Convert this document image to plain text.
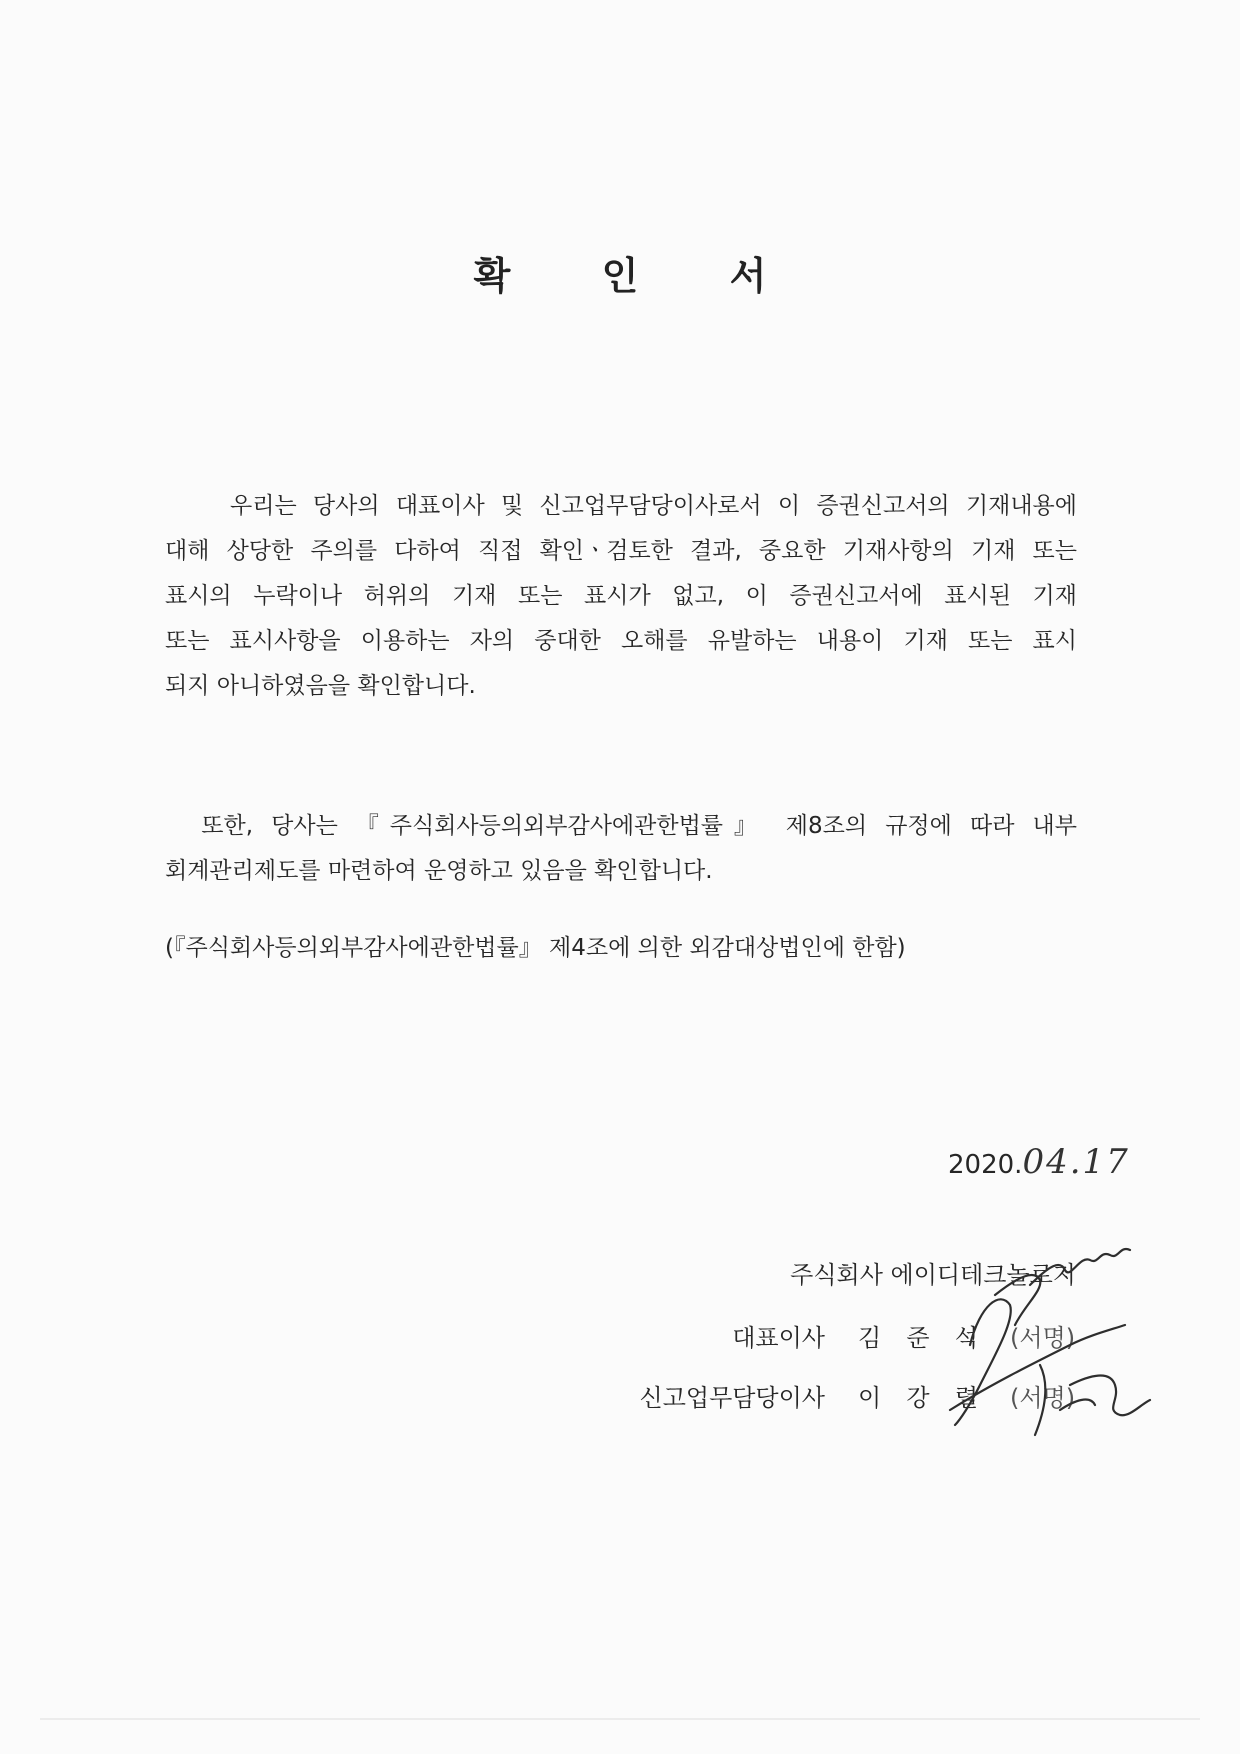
확	인	서
우리는 당사의 대표이사 및 신고업무담당이사로서 이 증권신고서의 기재내용에
대해 상당한 주의를 다하여 직접 확인ㆍ검토한 결과, 중요한 기재사항의 기재 또는
표시의 누락이나 허위의 기재 또는 표시가 없고, 이 증권신고서에 표시된 기재
또는 표시사항을 이용하는 자의 중대한 오해를 유발하는 내용이 기재 또는 표시
되지 아니하였음을 확인합니다.
또한, 당사는 『주식회사등의외부감사에관한법률』 제8조의 규정에 따라 내부
회계관리제도를 마련하여 운영하고 있음을 확인합니다.
(『주식회사등의외부감사에관한법률』 제4조에 의한 외감대상법인에 한함)
2020.04.17
주식회사 에이디테크놀로지
대표이사 김 준 석 (서명)
신고업무담당이사 이 강 렬 (서명)
